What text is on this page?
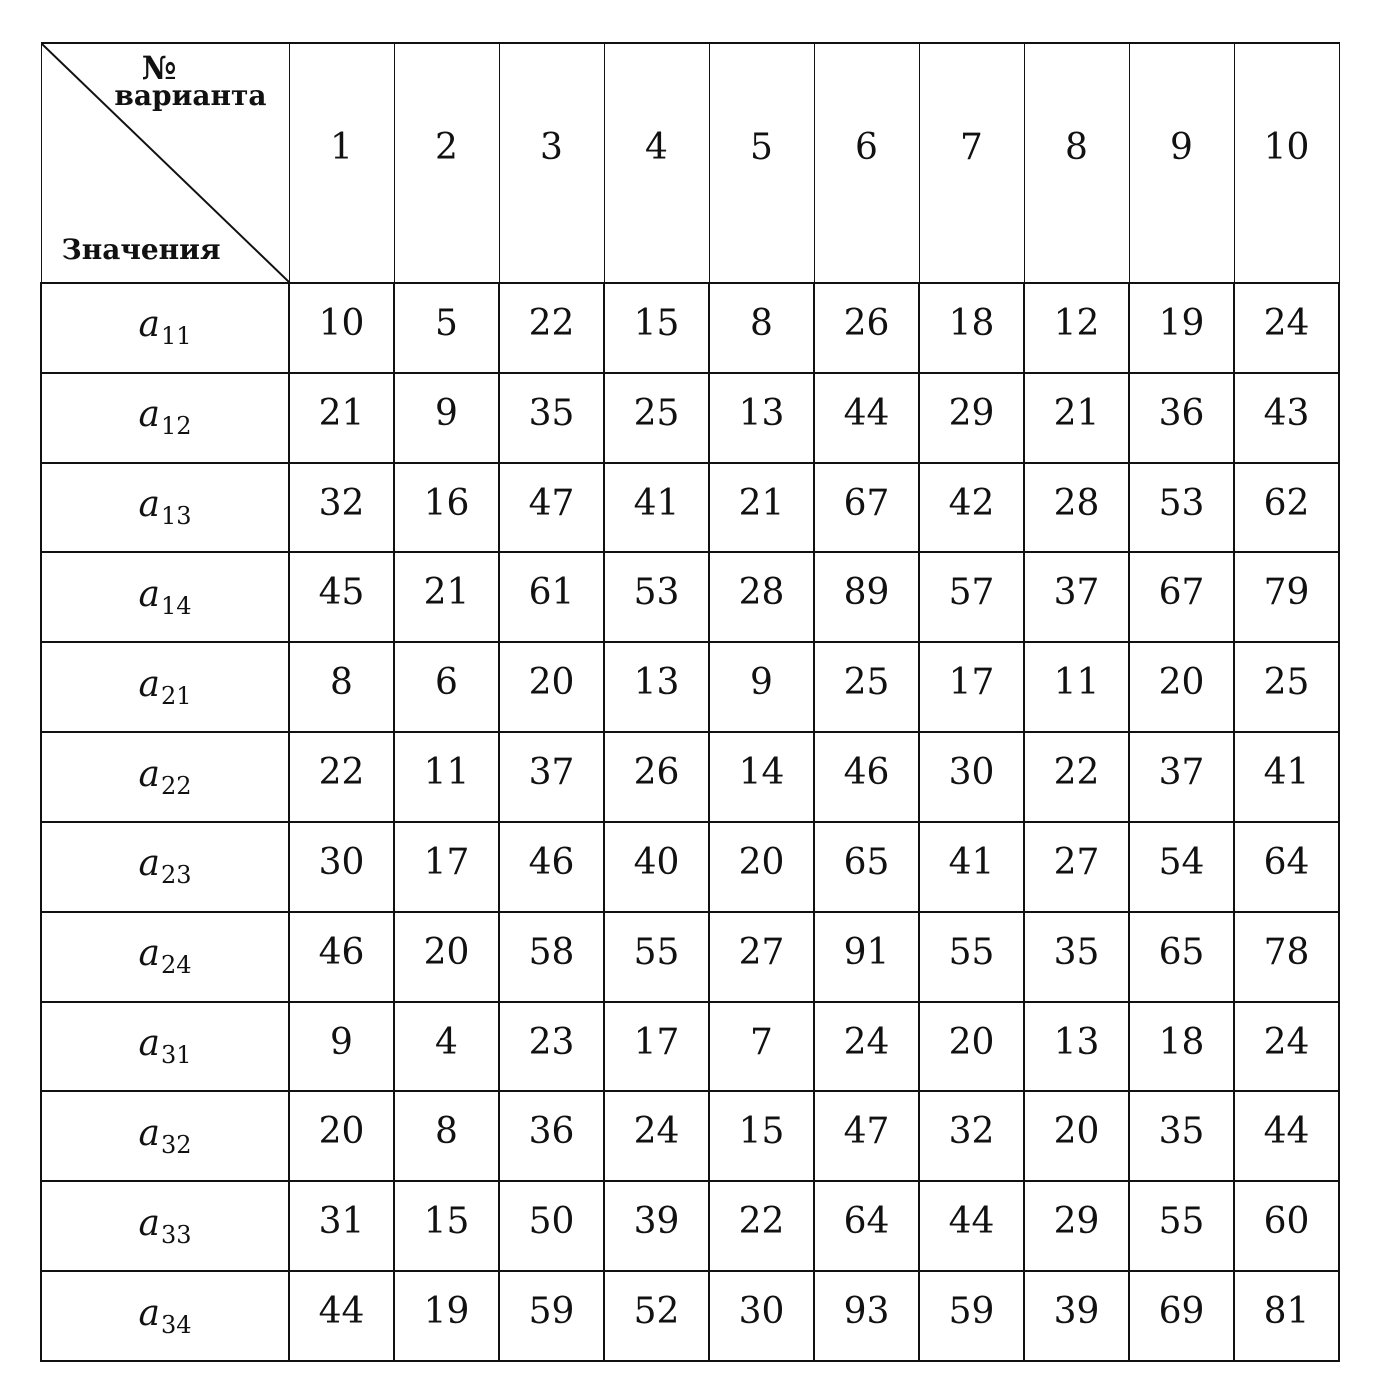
№
варианта
Значения	1	2	3	4	5	6	7	8	9	10
$a_{11}$	10	5	22	15	8	26	18	12	19	24
$a_{12}$	21	9	35	25	13	44	29	21	36	43
$a_{13}$	32	16	47	41	21	67	42	28	53	62
$a_{14}$	45	21	61	53	28	89	57	37	67	79
$a_{21}$	8	6	20	13	9	25	17	11	20	25
$a_{22}$	22	11	37	26	14	46	30	22	37	41
$a_{23}$	30	17	46	40	20	65	41	27	54	64
$a_{24}$	46	20	58	55	27	91	55	35	65	78
$a_{31}$	9	4	23	17	7	24	20	13	18	24
$a_{32}$	20	8	36	24	15	47	32	20	35	44
$a_{33}$	31	15	50	39	22	64	44	29	55	60
$a_{34}$	44	19	59	52	30	93	59	39	69	81
